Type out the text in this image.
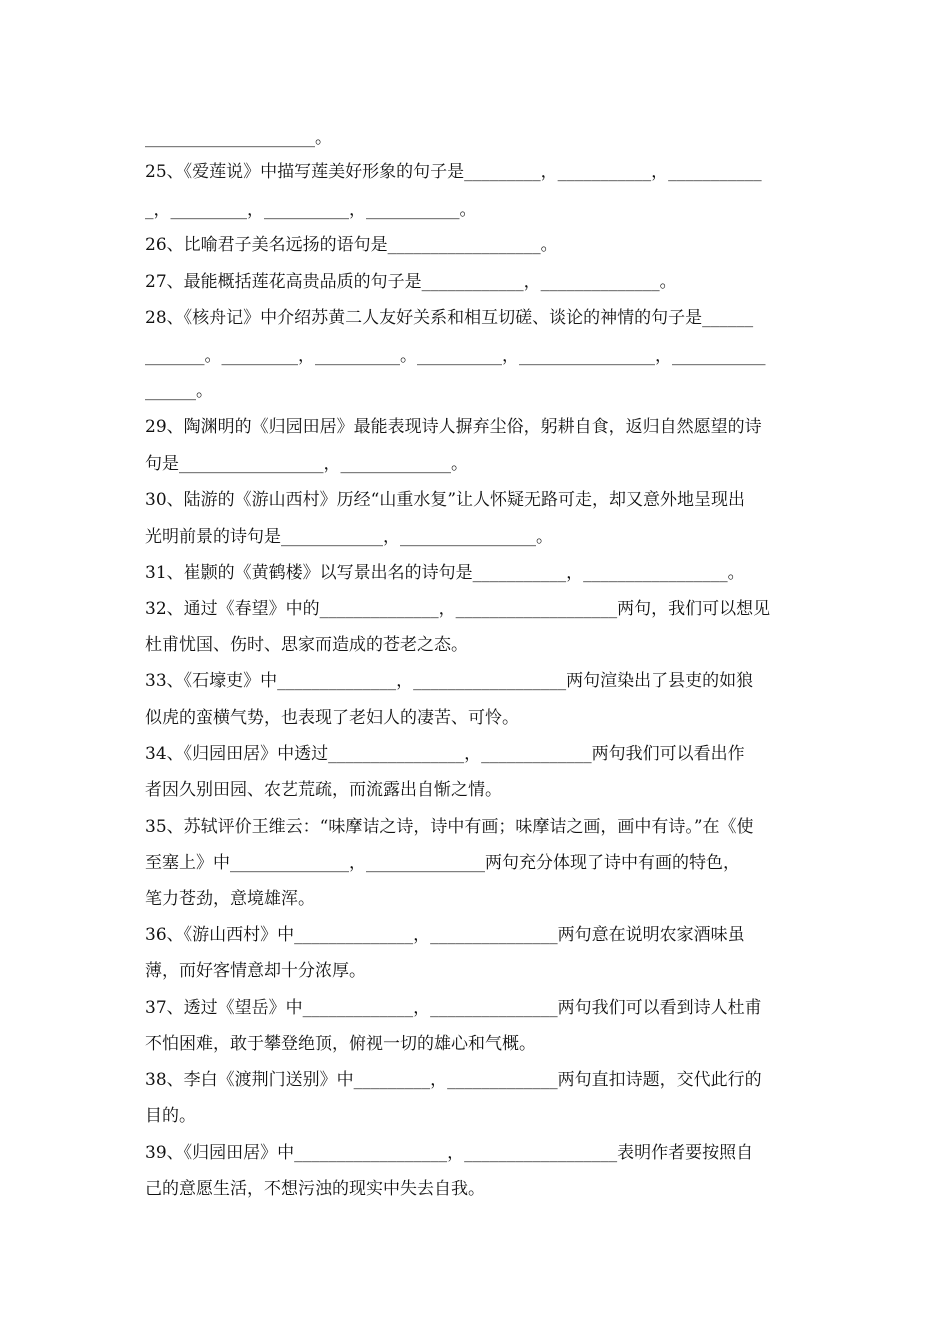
____________________。
25、《爱莲说》中描写莲美好形象的句子是_________，___________，___________
_，_________，__________，___________。
26、比喻君子美名远扬的语句是__________________。
27、最能概括莲花高贵品质的句子是____________，______________。
28、《核舟记》中介绍苏黄二人友好关系和相互切磋、谈论的神情的句子是______
_______。_________，__________。__________，________________，___________
______。
29、陶渊明的《归园田居》最能表现诗人摒弃尘俗，躬耕自食，返归自然愿望的诗
句是_________________，_____________。
30、陆游的《游山西村》历经“山重水复”让人怀疑无路可走，却又意外地呈现出
光明前景的诗句是____________，________________。
31、崔颢的《黄鹤楼》以写景出名的诗句是___________，_________________。
32、通过《春望》中的______________，___________________两句，我们可以想见
杜甫忧国、伤时、思家而造成的苍老之态。
33、《石壕吏》中______________，__________________两句渲染出了县吏的如狼
似虎的蛮横气势，也表现了老妇人的凄苦、可怜。
34、《归园田居》中透过________________，_____________两句我们可以看出作
者因久别田园、农艺荒疏，而流露出自惭之情。
35、苏轼评价王维云：“味摩诘之诗，诗中有画；味摩诘之画，画中有诗。”在《使
至塞上》中______________，______________两句充分体现了诗中有画的特色，
笔力苍劲，意境雄浑。
36、《游山西村》中______________，_______________两句意在说明农家酒味虽
薄，而好客情意却十分浓厚。
37、透过《望岳》中_____________，_______________两句我们可以看到诗人杜甫
不怕困难，敢于攀登绝顶，俯视一切的雄心和气概。
38、李白《渡荆门送别》中_________，_____________两句直扣诗题，交代此行的
目的。
39、《归园田居》中__________________，__________________表明作者要按照自
己的意愿生活，不想污浊的现实中失去自我。
